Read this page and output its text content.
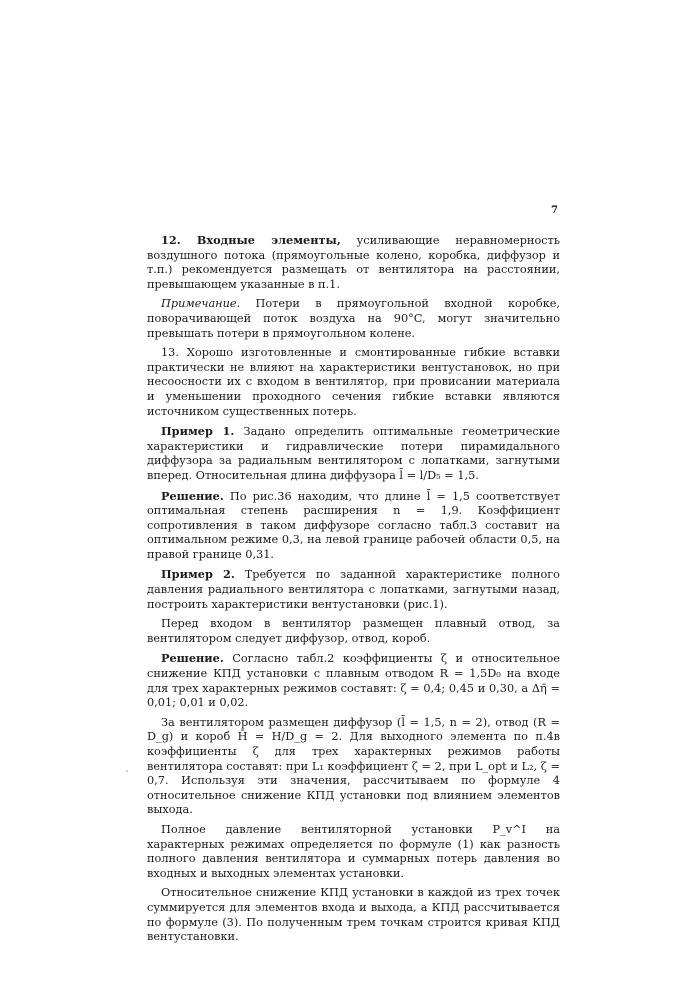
7

12. Входные элементы, усиливающие неравномерность воздушного потока (прямоугольные колено, коробка, диффузор и т.п.) рекомендуется размещать от вентилятора на расстоянии, превышающем указанные в п.1.

Примечание. Потери в прямоугольной входной коробке, поворачивающей поток воздуха на 90°C, могут значительно превышать потери в прямоугольном колене.

13. Хорошо изготовленные и смонтированные гибкие вставки практически не влияют на характеристики вентустановок, но при несоосности их с входом в вентилятор, при провисании материала и уменьшении проходного сечения гибкие вставки являются источником существенных потерь.

Пример 1. Задано определить оптимальные геометрические характеристики и гидравлические потери пирамидального диффузора за радиальным вентилятором с лопатками, загнутыми вперед. Относительная длина диффузора l̄ = l/D₅ = 1,5.

Решение. По рис.36 находим, что длине l̄ = 1,5 соответствует оптимальная степень расширения n = 1,9. Коэффициент сопротивления в таком диффузоре согласно табл.3 составит на оптимальном режиме 0,3, на левой границе рабочей области 0,5, на правой границе 0,31.

Пример 2. Требуется по заданной характеристике полного давления радиального вентилятора с лопатками, загнутыми назад, построить характеристики вентустановки (рис.1).

Перед входом в вентилятор размещен плавный отвод, за вентилятором следует диффузор, отвод, короб.

Решение. Согласно табл.2 коэффициенты ζ и относительное снижение КПД установки с плавным отводом R = 1,5D₀ на входе для трех характерных режимов составят: ζ = 0,4; 0,45 и 0,30, а Δη̄ = 0,01; 0,01 и 0,02.

За вентилятором размещен диффузор (l̄ = 1,5, n = 2), отвод (R = D_g) и короб H̄ = H/D_g = 2. Для выходного элемента по п.4в коэффициенты ζ для трех характерных режимов работы вентилятора составят: при L₁ коэффициент ζ = 2, при L_opt и L₂, ζ = 0,7. Используя эти значения, рассчитываем по формуле 4 относительное снижение КПД установки под влиянием элементов выхода.

Полное давление вентиляторной установки P_v^I на характерных режимах определяется по формуле (1) как разность полного давления вентилятора и суммарных потерь давления во входных и выходных элементах установки.

Относительное снижение КПД установки в каждой из трех точек суммируется для элементов входа и выхода, а КПД рассчитывается по формуле (3). По полученным трем точкам строится кривая КПД вентустановки.
